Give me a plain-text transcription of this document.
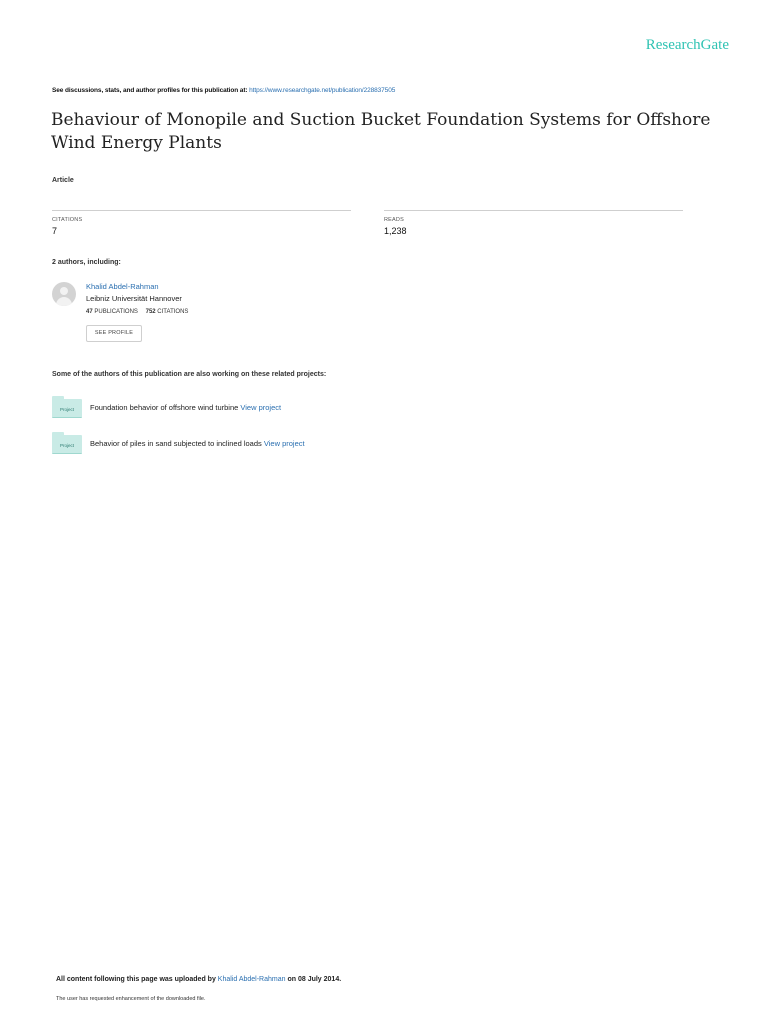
ResearchGate
See discussions, stats, and author profiles for this publication at: https://www.researchgate.net/publication/228837505
Behaviour of Monopile and Suction Bucket Foundation Systems for Offshore Wind Energy Plants
Article
CITATIONS
7
READS
1,238
2 authors, including:
Khalid Abdel-Rahman
Leibniz Universität Hannover
47 PUBLICATIONS 752 CITATIONS
SEE PROFILE
Some of the authors of this publication are also working on these related projects:
Project	Foundation behavior of offshore wind turbine View project
Project	Behavior of piles in sand subjected to inclined loads View project
All content following this page was uploaded by Khalid Abdel-Rahman on 08 July 2014.
The user has requested enhancement of the downloaded file.
